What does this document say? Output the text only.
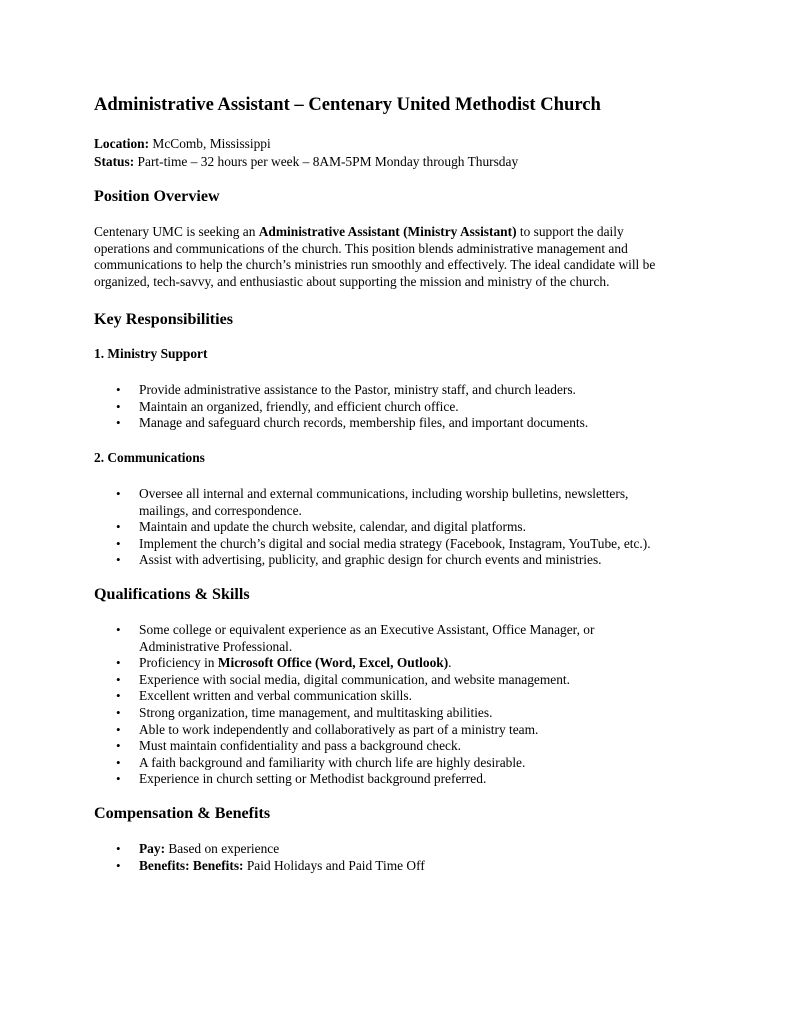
Administrative Assistant – Centenary United Methodist Church
Location: McComb, Mississippi
Status: Part-time – 32 hours per week – 8AM-5PM Monday through Thursday
Position Overview

Centenary UMC is seeking an Administrative Assistant (Ministry Assistant) to support the daily
operations and communications of the church. This position blends administrative management and
communications to help the church’s ministries run smoothly and effectively. The ideal candidate will be
organized, tech-savvy, and enthusiastic about supporting the mission and ministry of the church.

Key Responsibilities
1. Ministry Support
• Provide administrative assistance to the Pastor, ministry staff, and church leaders.
• Maintain an organized, friendly, and efficient church office.
• Manage and safeguard church records, membership files, and important documents.
2. Communications
• Oversee all internal and external communications, including worship bulletins, newsletters,
mailings, and correspondence.
• Maintain and update the church website, calendar, and digital platforms.
• Implement the church’s digital and social media strategy (Facebook, Instagram, YouTube, etc.).
• Assist with advertising, publicity, and graphic design for church events and ministries.
Qualifications & Skills
• Some college or equivalent experience as an Executive Assistant, Office Manager, or
Administrative Professional.
• Proficiency in Microsoft Office (Word, Excel, Outlook).
• Experience with social media, digital communication, and website management.
• Excellent written and verbal communication skills.
• Strong organization, time management, and multitasking abilities.
• Able to work independently and collaboratively as part of a ministry team.
• Must maintain confidentiality and pass a background check.
• A faith background and familiarity with church life are highly desirable.
• Experience in church setting or Methodist background preferred.
Compensation & Benefits
• Pay: Based on experience
• Benefits: Benefits: Paid Holidays and Paid Time Off
